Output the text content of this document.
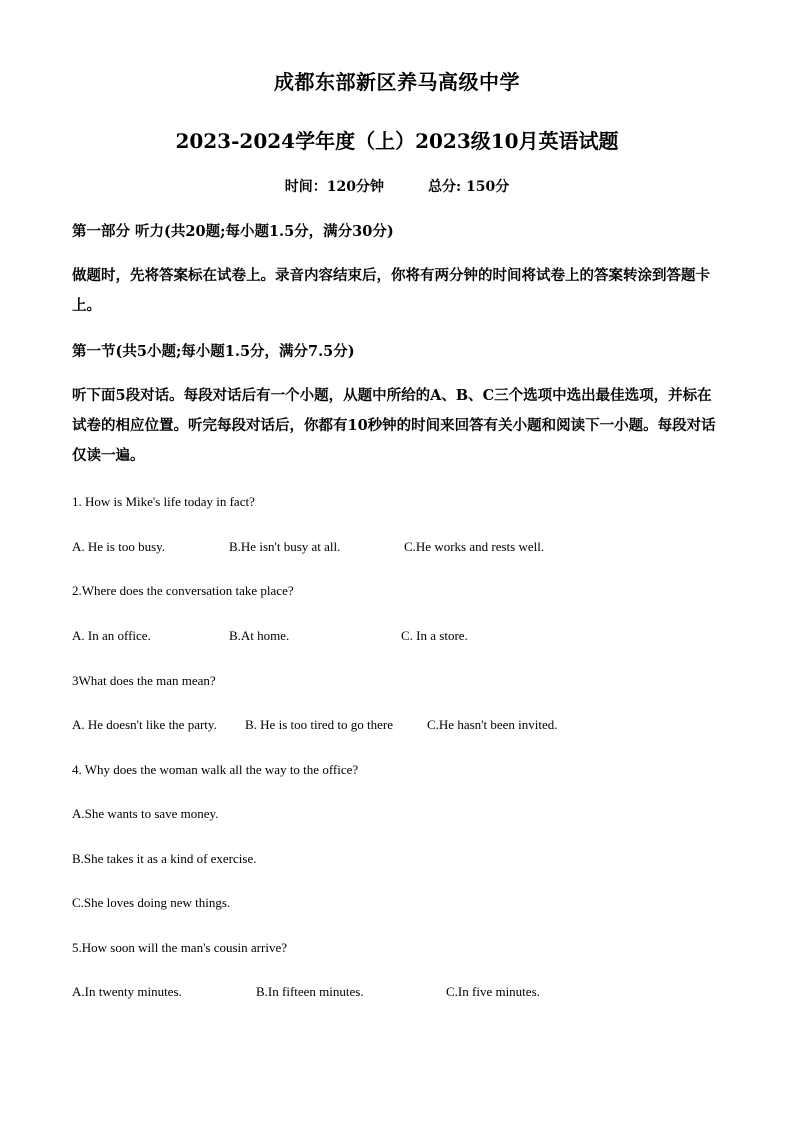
成都东部新区养马高级中学
2023-2024学年度（上）2023级10月英语试题
时间：120分钟	总分: 150分
第一部分 听力(共20题;每小题1.5分，满分30分)
做题时，先将答案标在试卷上。录音内容结束后，你将有两分钟的时间将试卷上的答案转涂到答题卡上。
第一节(共5小题;每小题1.5分，满分7.5分)
听下面5段对话。每段对话后有一个小题，从题中所给的A、B、C三个选项中选出最佳选项，并标在试卷的相应位置。听完每段对话后，你都有10秒钟的时间来回答有关小题和阅读下一小题。每段对话仅读一遍。
1. How is Mike's life today in fact?
A. He is too busy.	B.He isn't busy at all.	C.He works and rests well.
2.Where does the conversation take place?
A. In an office.	B.At home.	C. In a store.
3What does the man mean?
A. He doesn't like the party. B. He is too tired to go there	C.He hasn't been invited.
4. Why does the woman walk all the way to the office?
A.She wants to save money.
B.She takes it as a kind of exercise.
C.She loves doing new things.
5.How soon will the man's cousin arrive?
A.In twenty minutes.	B.In fifteen minutes.	C.In five minutes.
